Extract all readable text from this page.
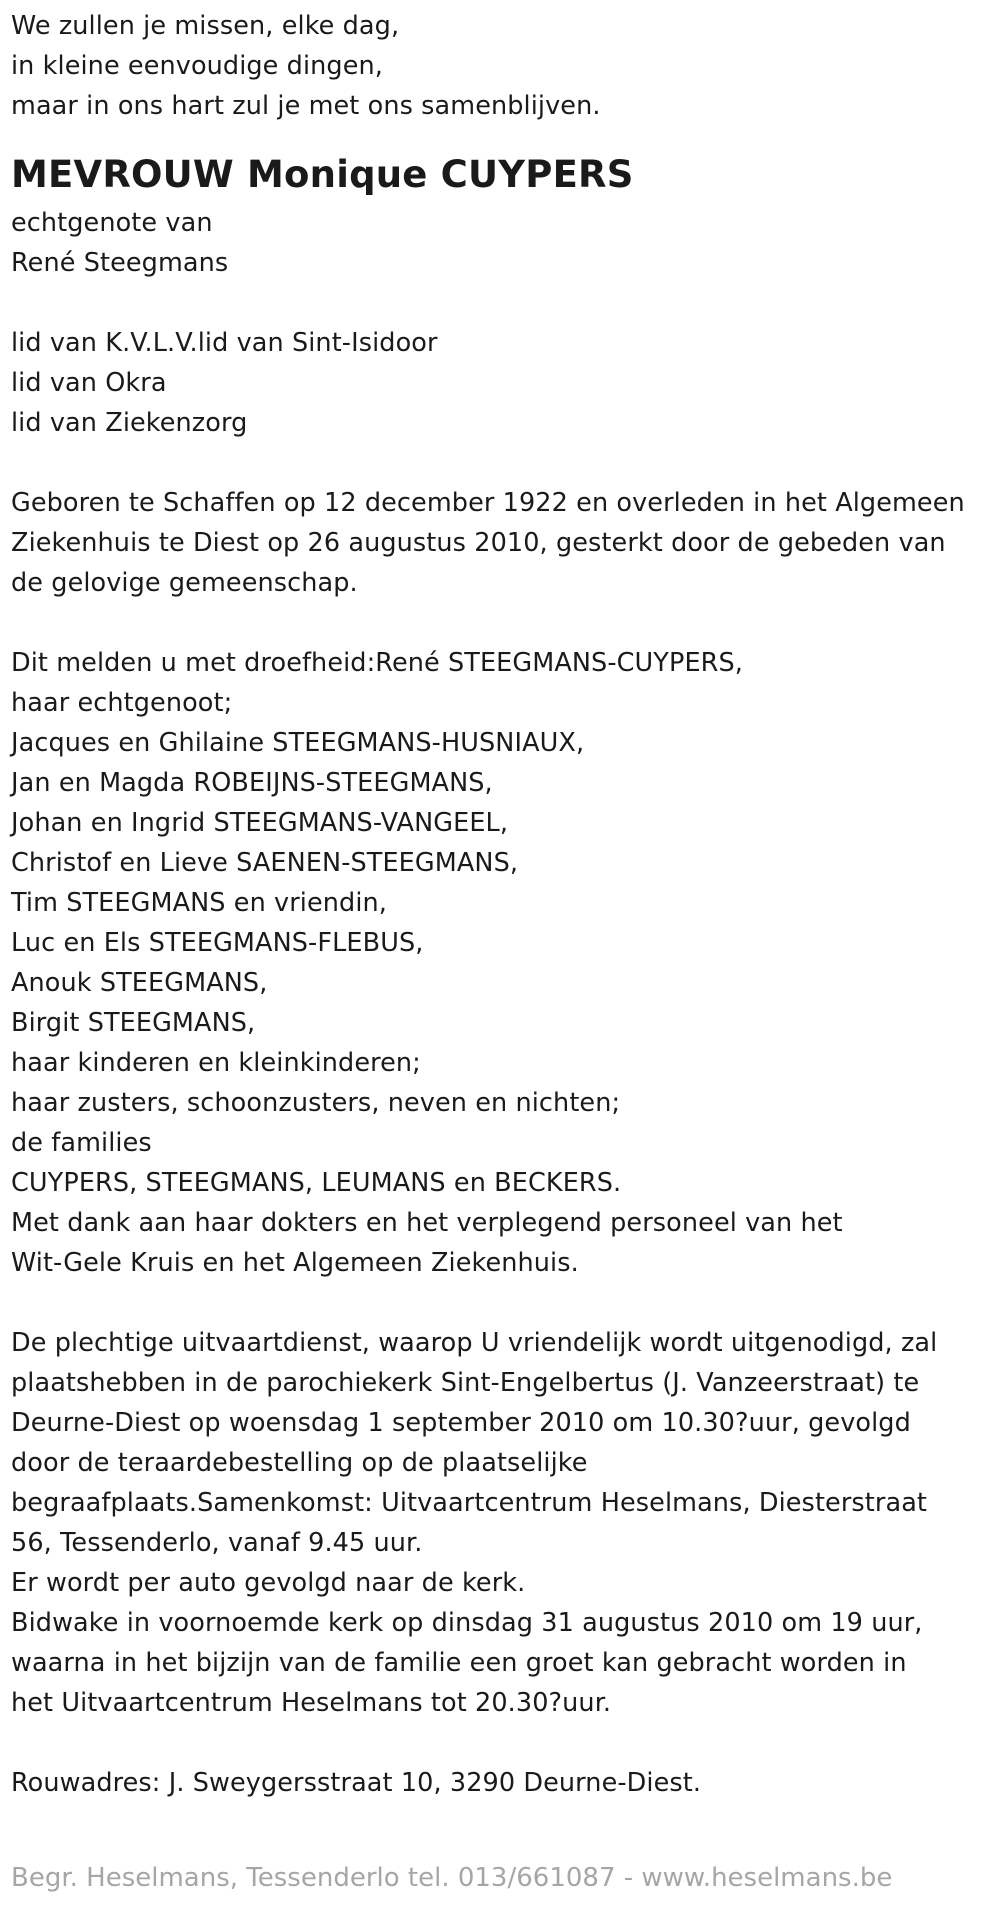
We zullen je missen, elke dag,
in kleine eenvoudige dingen,
maar in ons hart zul je met ons samenblijven.
MEVROUW Monique CUYPERS
echtgenote van
René Steegmans
lid van K.V.L.V.lid van Sint-Isidoor
lid van Okra
lid van Ziekenzorg
Geboren te Schaffen op 12 december 1922 en overleden in het Algemeen
Ziekenhuis te Diest op 26 augustus 2010, gesterkt door de gebeden van
de gelovige gemeenschap.
Dit melden u met droefheid:René STEEGMANS-CUYPERS,
haar echtgenoot;
Jacques en Ghilaine STEEGMANS-HUSNIAUX,
Jan en Magda ROBEIJNS-STEEGMANS,
Johan en Ingrid STEEGMANS-VANGEEL,
Christof en Lieve SAENEN-STEEGMANS,
Tim STEEGMANS en vriendin,
Luc en Els STEEGMANS-FLEBUS,
Anouk STEEGMANS,
Birgit STEEGMANS,
haar kinderen en kleinkinderen;
haar zusters, schoonzusters, neven en nichten;
de families
CUYPERS, STEEGMANS, LEUMANS en BECKERS.
Met dank aan haar dokters en het verplegend personeel van het
Wit-Gele Kruis en het Algemeen Ziekenhuis.
De plechtige uitvaartdienst, waarop U vriendelijk wordt uitgenodigd, zal
plaatshebben in de parochiekerk Sint-Engelbertus (J. Vanzeerstraat) te
Deurne-Diest op woensdag 1 september 2010 om 10.30?uur, gevolgd
door de teraardebestelling op de plaatselijke
begraafplaats.Samenkomst: Uitvaartcentrum Heselmans, Diesterstraat
56, Tessenderlo, vanaf 9.45 uur.
Er wordt per auto gevolgd naar de kerk.
Bidwake in voornoemde kerk op dinsdag 31 augustus 2010 om 19 uur,
waarna in het bijzijn van de familie een groet kan gebracht worden in
het Uitvaartcentrum Heselmans tot 20.30?uur.
Rouwadres: J. Sweygersstraat 10, 3290 Deurne-Diest.
Begr. Heselmans, Tessenderlo tel. 013/661087 - www.heselmans.be
